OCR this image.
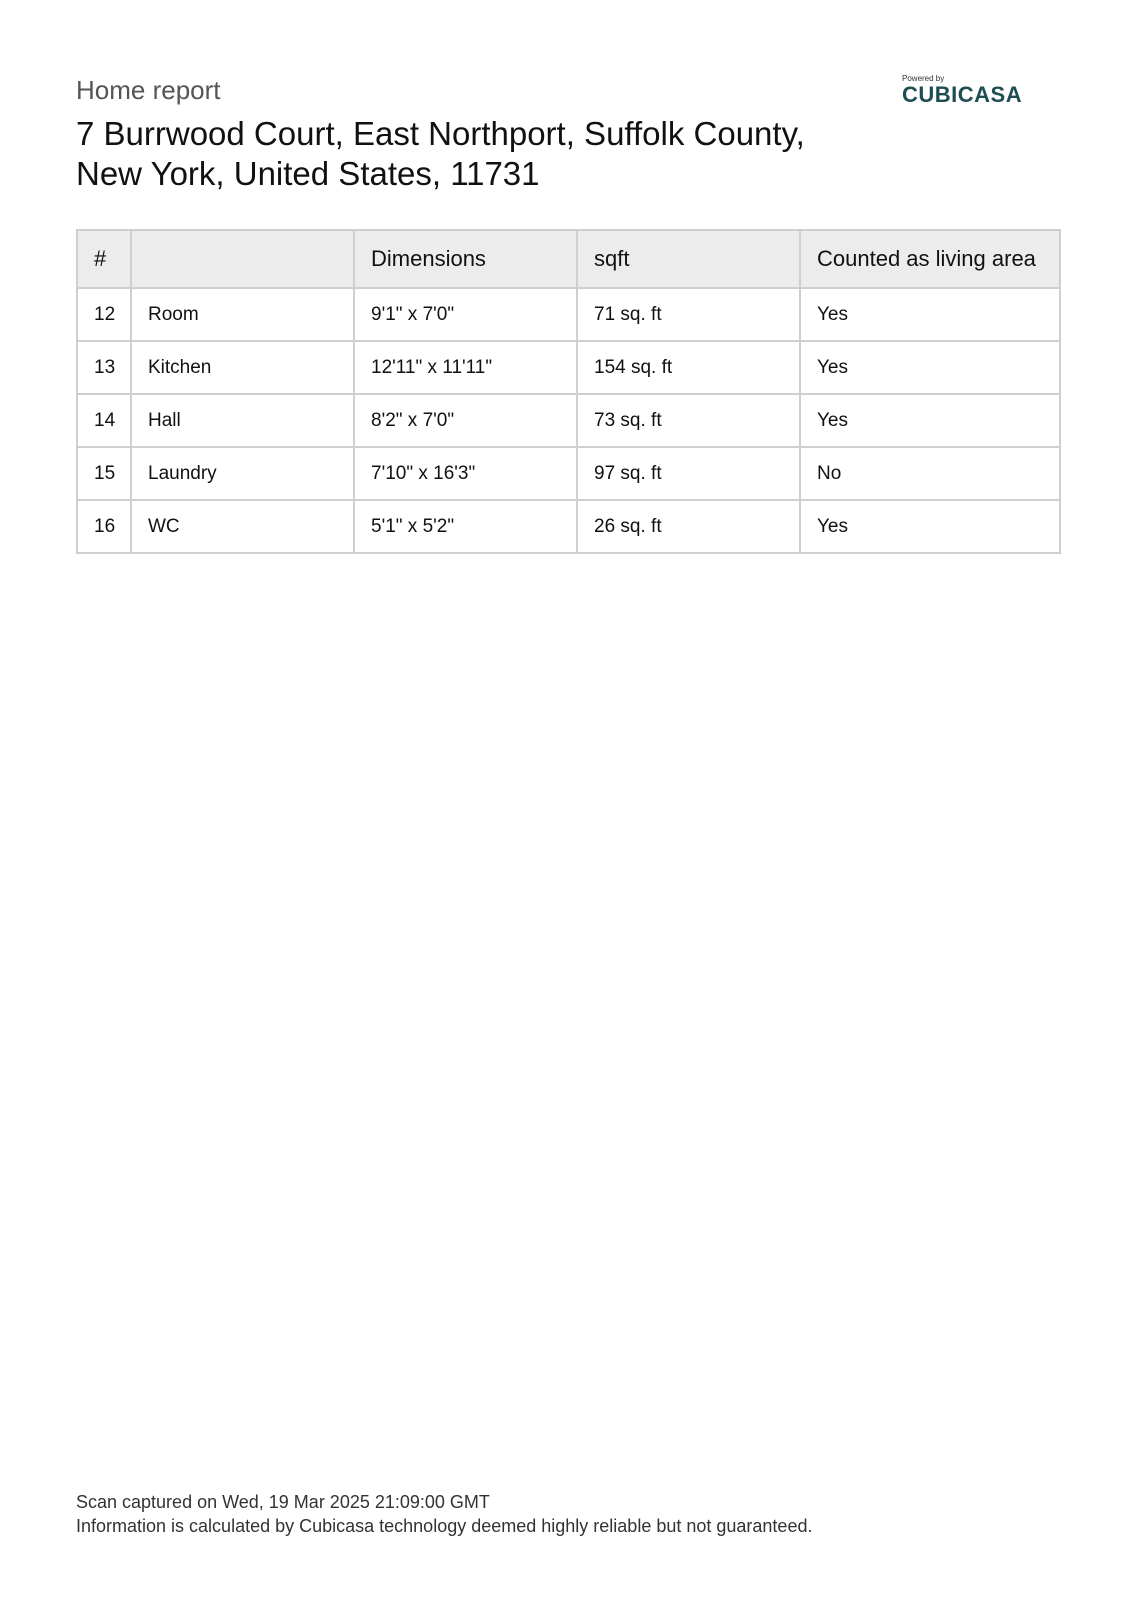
Home report
7 Burrwood Court, East Northport, Suffolk County,
New York, United States, 11731
Powered by
CUBICASA
#		Dimensions	sqft	Counted as living area
12	Room	9'1" x 7'0"	71 sq. ft	Yes
13	Kitchen	12'11" x 11'11"	154 sq. ft	Yes
14	Hall	8'2" x 7'0"	73 sq. ft	Yes
15	Laundry	7'10" x 16'3"	97 sq. ft	No
16	WC	5'1" x 5'2"	26 sq. ft	Yes
Scan captured on Wed, 19 Mar 2025 21:09:00 GMT
Information is calculated by Cubicasa technology deemed highly reliable but not guaranteed.
